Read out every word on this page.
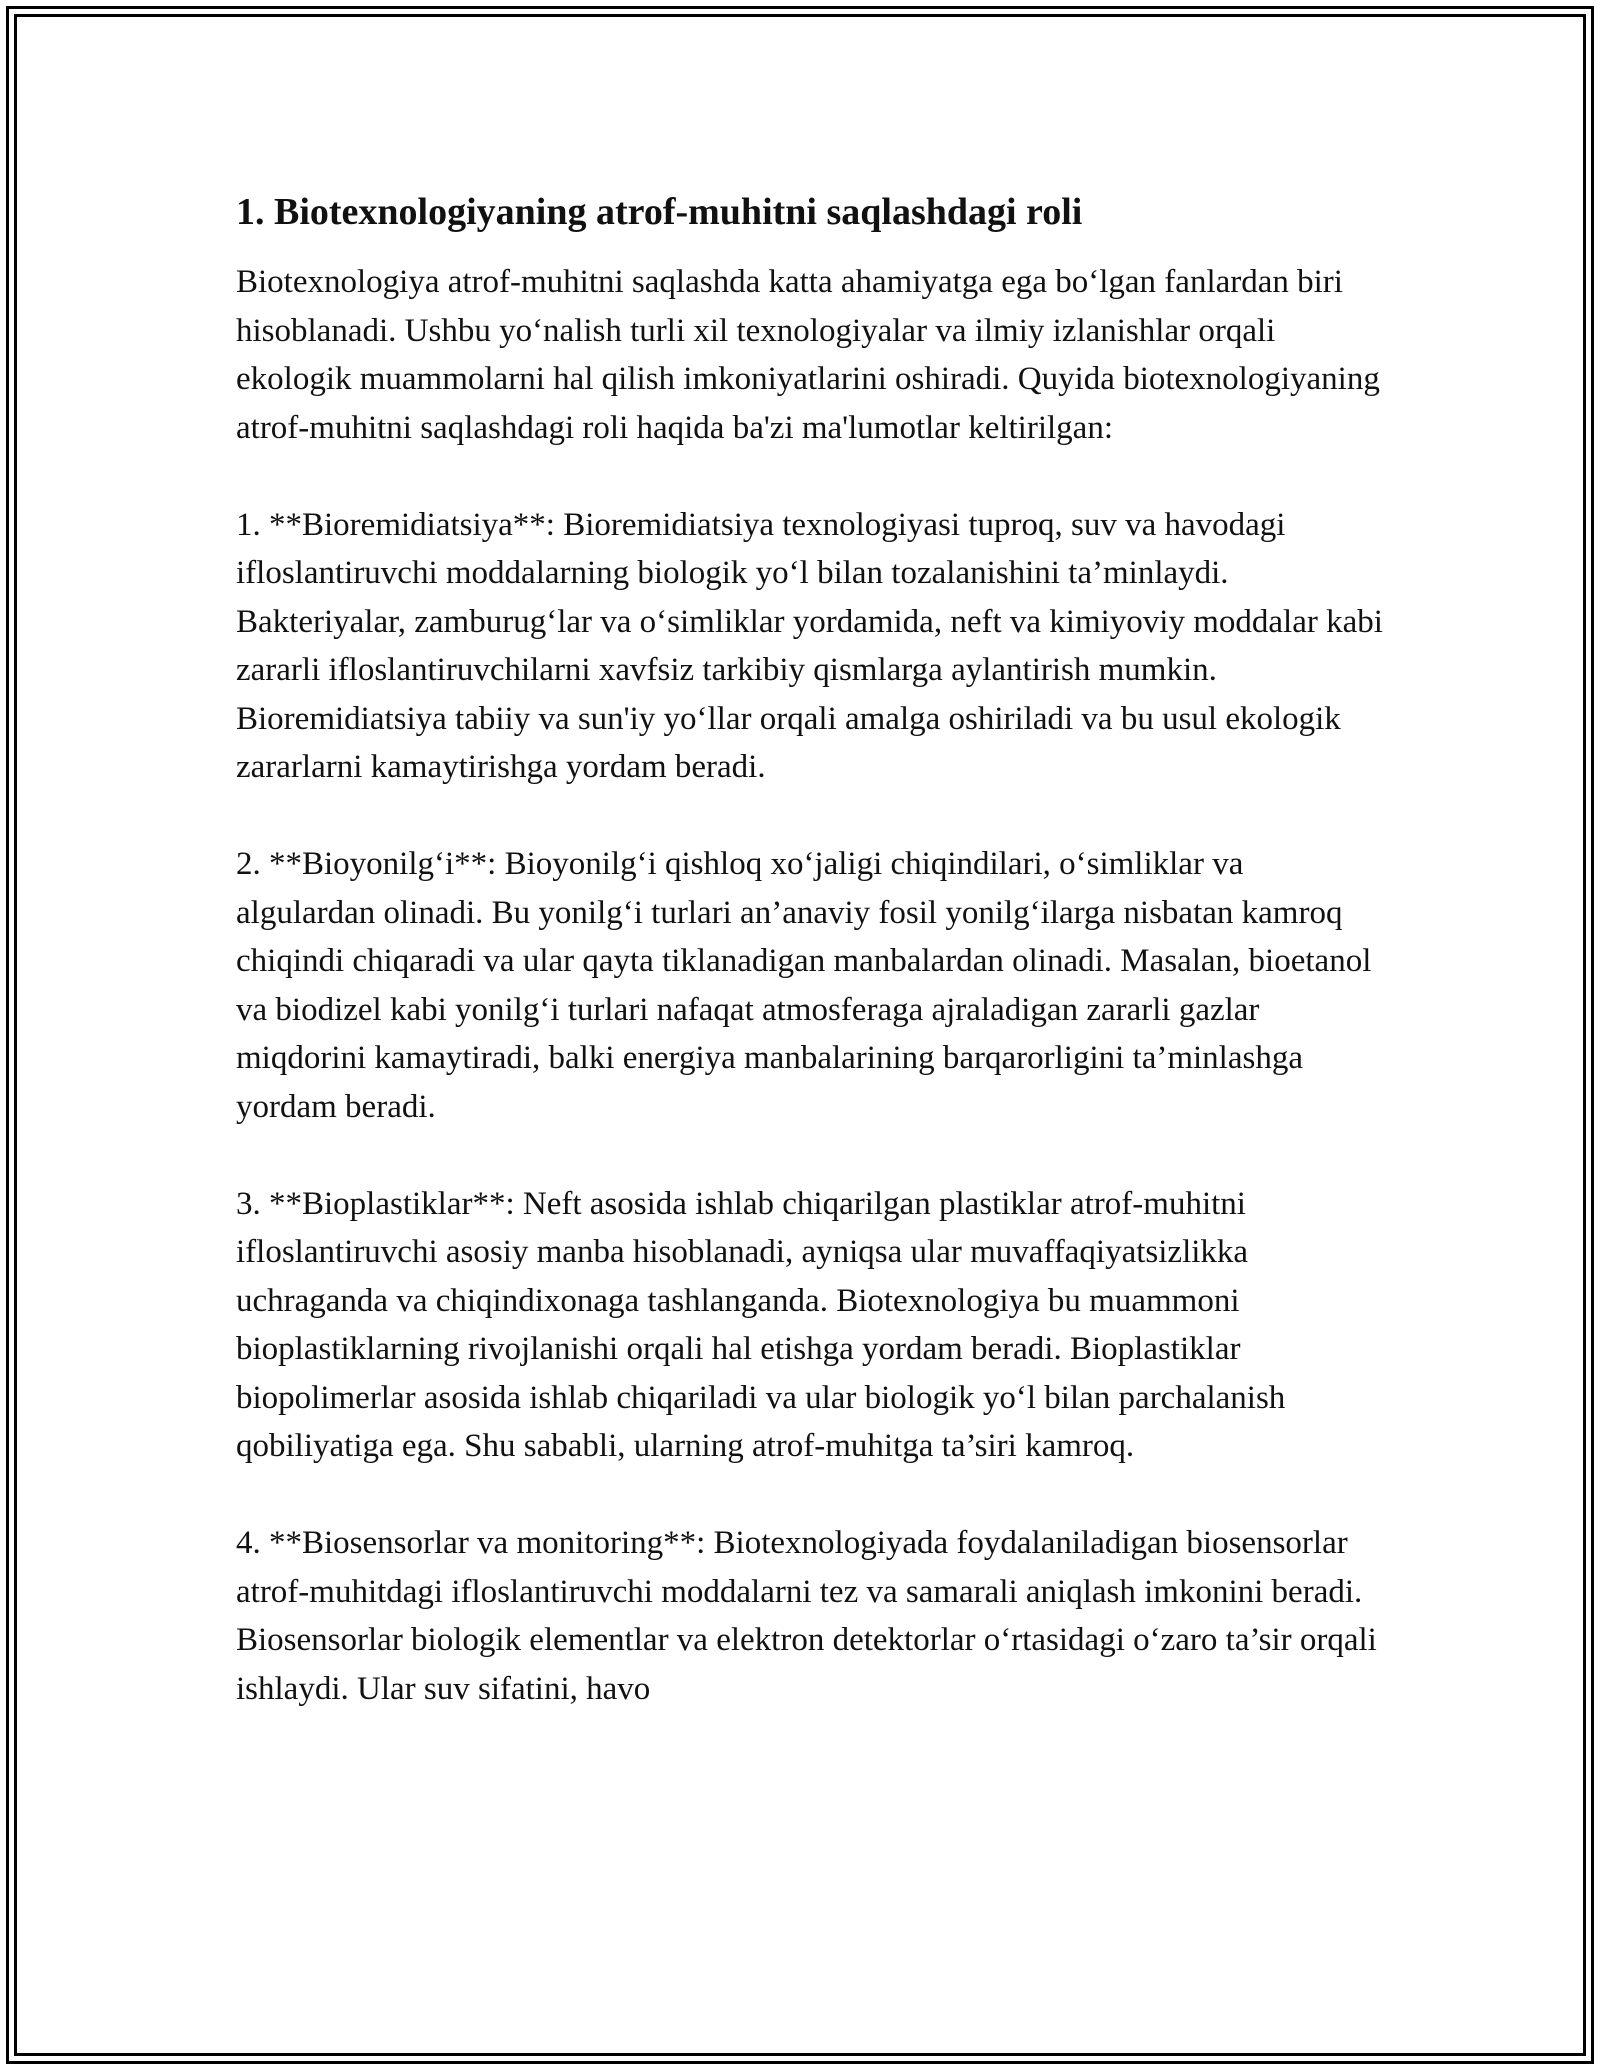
1. Biotexnologiyaning atrof-muhitni saqlashdagi roli

Biotexnologiya atrof-muhitni saqlashda katta ahamiyatga ega bo‘lgan fanlardan biri hisoblanadi. Ushbu yo‘nalish turli xil texnologiyalar va ilmiy izlanishlar orqali ekologik muammolarni hal qilish imkoniyatlarini oshiradi. Quyida biotexnologiyaning atrof-muhitni saqlashdagi roli haqida ba'zi ma'lumotlar keltirilgan:

1. **Bioremidiatsiya**: Bioremidiatsiya texnologiyasi tuproq, suv va havodagi ifloslantiruvchi moddalarning biologik yo‘l bilan tozalanishini ta’minlaydi. Bakteriyalar, zamburug‘lar va o‘simliklar yordamida, neft va kimiyoviy moddalar kabi zararli ifloslantiruvchilarni xavfsiz tarkibiy qismlarga aylantirish mumkin. Bioremidiatsiya tabiiy va sun'iy yo‘llar orqali amalga oshiriladi va bu usul ekologik zararlarni kamaytirishga yordam beradi.

2. **Bioyonilg‘i**: Bioyonilg‘i qishloq xo‘jaligi chiqindilari, o‘simliklar va algulardan olinadi. Bu yonilg‘i turlari an’anaviy fosil yonilg‘ilarga nisbatan kamroq chiqindi chiqaradi va ular qayta tiklanadigan manbalardan olinadi. Masalan, bioetanol va biodizel kabi yonilg‘i turlari nafaqat atmosferaga ajraladigan zararli gazlar miqdorini kamaytiradi, balki energiya manbalarining barqarorligini ta’minlashga yordam beradi.

3. **Bioplastiklar**: Neft asosida ishlab chiqarilgan plastiklar atrof-muhitni ifloslantiruvchi asosiy manba hisoblanadi, ayniqsa ular muvaffaqiyatsizlikka uchraganda va chiqindixonaga tashlanganda. Biotexnologiya bu muammoni bioplastiklarning rivojlanishi orqali hal etishga yordam beradi. Bioplastiklar biopolimerlar asosida ishlab chiqariladi va ular biologik yo‘l bilan parchalanish qobiliyatiga ega. Shu sababli, ularning atrof-muhitga ta’siri kamroq.

4. **Biosensorlar va monitoring**: Biotexnologiyada foydalaniladigan biosensorlar atrof-muhitdagi ifloslantiruvchi moddalarni tez va samarali aniqlash imkonini beradi. Biosensorlar biologik elementlar va elektron detektorlar o‘rtasidagi o‘zaro ta’sir orqali ishlaydi. Ular suv sifatini, havo
